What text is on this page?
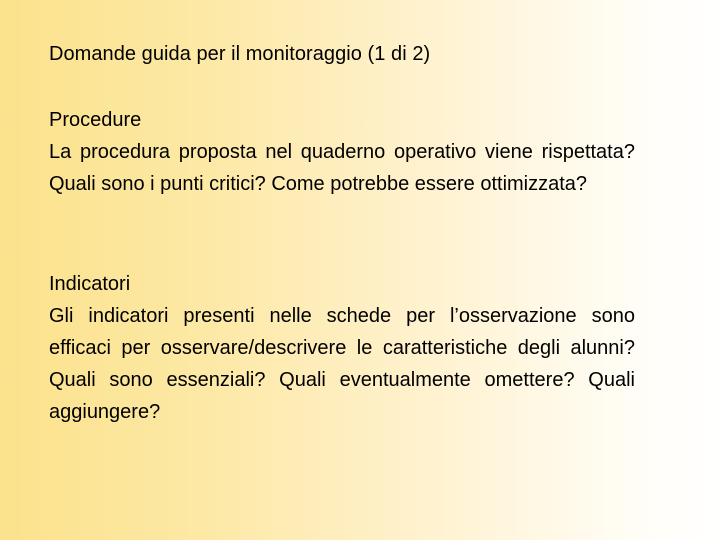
Domande guida per il monitoraggio (1 di 2)
Procedure
La procedura proposta nel quaderno operativo viene rispettata? Quali sono i punti critici? Come potrebbe essere ottimizzata?
Indicatori
Gli indicatori presenti nelle schede per l’osservazione sono efficaci per osservare/descrivere le caratteristiche degli alunni? Quali sono essenziali? Quali eventualmente omettere? Quali aggiungere?
